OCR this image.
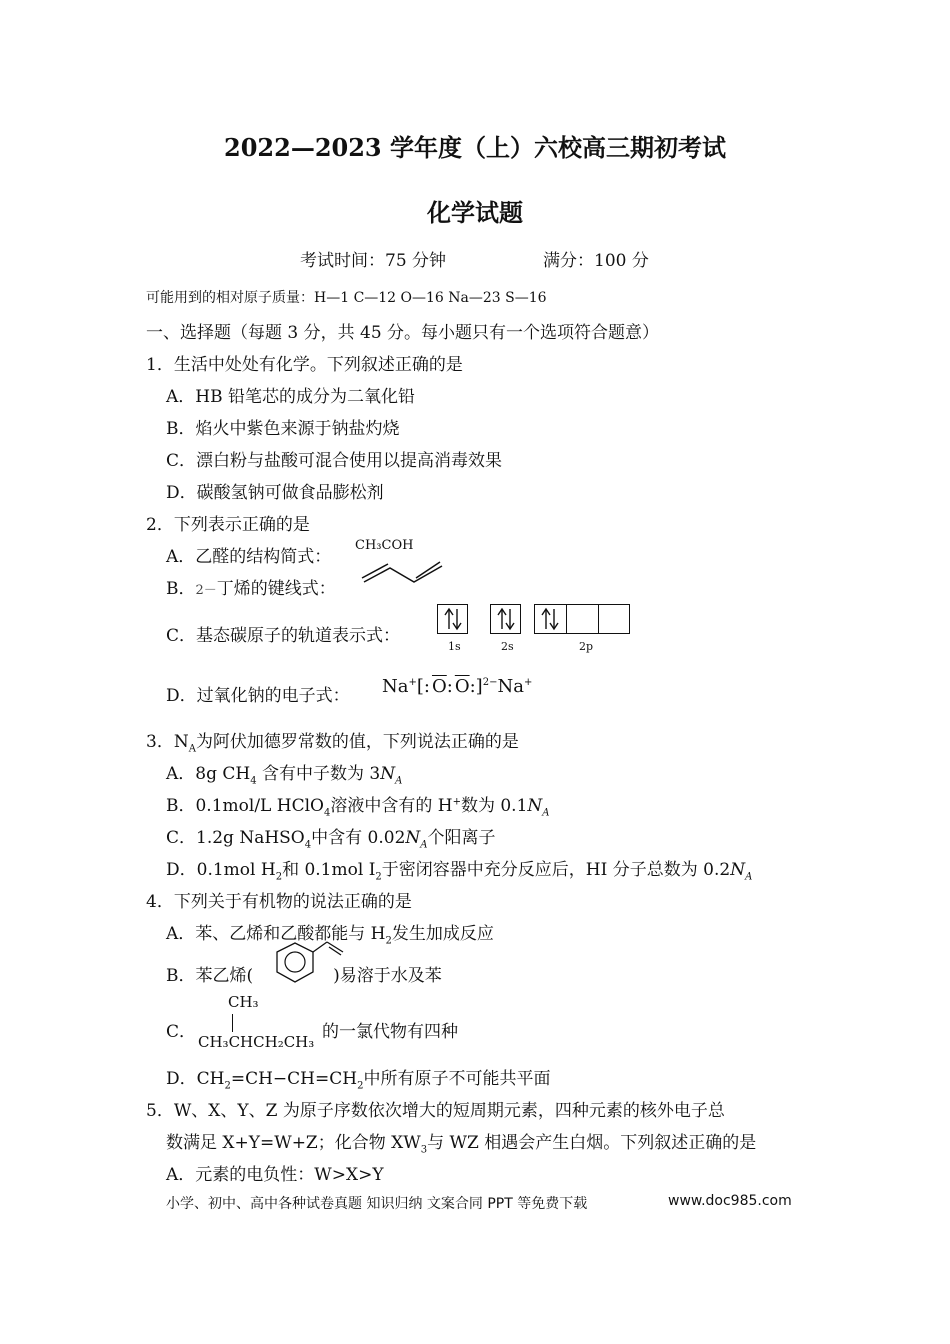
2022—2023 学年度（上）六校高三期初考试
化学试题
考试时间：75 分钟	满分：100 分
可能用到的相对原子质量：H—1 C—12 O—16 Na—23 S—16
一、选择题（每题 3 分，共 45 分。每小题只有一个选项符合题意）
1．生活中处处有化学。下列叙述正确的是
A．HB 铅笔芯的成分为二氧化铅
B．焰火中紫色来源于钠盐灼烧
C．漂白粉与盐酸可混合使用以提高消毒效果
D．碳酸氢钠可做食品膨松剂
2．下列表示正确的是
A．乙醛的结构简式：
CH₃COH
B．2－丁烯的键线式：
C．基态碳原子的轨道表示式：
1s	2s	2p
D．过氧化钠的电子式： $Na^+[:\overline{O}:\overline{O}:]^{2-}Na^+$
3．$N_A$为阿伏加德罗常数的值，下列说法正确的是
A．8g $CH_4$ 含有中子数为 $3N_A$
B．0.1mol/L HClO$_4$溶液中含有的 H+数为 $0.1N_A$
C．1.2g NaHSO$_4$中含有 $0.02N_A$个阳离子
D．0.1mol $H_2$和 0.1mol $I_2$于密闭容器中充分反应后，HI 分子总数为 $0.2N_A$
4．下列关于有机物的说法正确的是
A．苯、乙烯和乙酸都能与 $H_2$发生加成反应
B．苯乙烯(	)易溶于水及苯
C．
CH₃
CH₃CHCH₂CH₃ 的一氯代物有四种
D．$CH_2=CH-CH=CH_2$中所有原子不可能共平面
5．W、X、Y、Z 为原子序数依次增大的短周期元素，四种元素的核外电子总
数满足 X+Y=W+Z；化合物 $XW_3$与 WZ 相遇会产生白烟。下列叙述正确的是
A．元素的电负性：W>X>Y
小学、初中、高中各种试卷真题 知识归纳 文案合同 PPT 等免费下载	www.doc985.com
